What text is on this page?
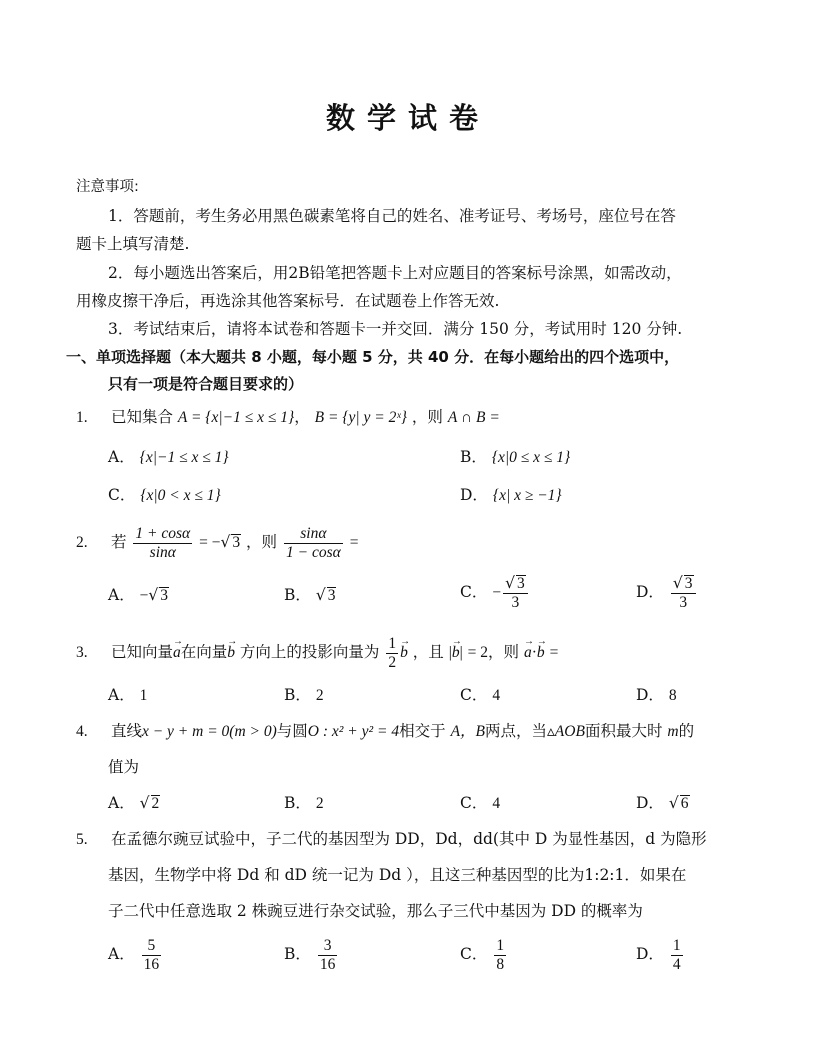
数学试卷
注意事项:
1．答题前，考生务必用黑色碳素笔将自己的姓名、准考证号、考场号，座位号在答
题卡上填写清楚.
2．每小题选出答案后，用2B铅笔把答题卡上对应题目的答案标号涂黑，如需改动，
用橡皮擦干净后，再选涂其他答案标号．在试题卷上作答无效.
3．考试结束后，请将本试卷和答题卡一并交回．满分 150 分，考试用时 120 分钟.
一、单项选择题（本大题共 8 小题，每小题 5 分，共 40 分．在每小题给出的四个选项中，
只有一项是符合题目要求的）
1. 已知集合 A = {x|−1 ≤ x ≤ 1}， B = {y| y = 2ˣ} ，则 A ∩ B =
A． {x|−1 ≤ x ≤ 1}	B． {x|0 ≤ x ≤ 1}
C． {x|0 < x ≤ 1}	D． {x| x ≥ −1}
2. 若 $\frac{1 + \cos\alpha}{\sin\alpha}$ = −√ 3 ，则 $\frac{\sin\alpha}{1 - \cos\alpha}$ =
A． −√ 3	B． √ 3	C． − $\frac{√ 3}{3}$	D． $\frac{√ 3}{3}$
3. 已知向量→ a在向量→ b 方向上的投影向量为 $\frac{1}{2}$
→ b ，且 |→ b| = 2，则 → a·→ b =
A． 1	B． 2	C． 4	D． 8
4. 直线x − y + m = 0(m > 0)与圆O : x² + y² = 4相交于 A，B两点，当▵AOB面积最大时 m的
值为
A． √ 2	B． 2	C． 4	D． √ 6
5. 在孟德尔豌豆试验中，子二代的基因型为 DD，Dd，dd(其中 D 为显性基因，d 为隐形
基因，生物学中将 Dd 和 dD 统一记为 Dd ），且这三种基因型的比为1:2:1．如果在
子二代中任意选取 2 株豌豆进行杂交试验，那么子三代中基因为 DD 的概率为
A． $\frac{5}{16}$	B． $\frac{3}{16}$	C． $\frac{1}{8}$	D． $\frac{1}{4}$
